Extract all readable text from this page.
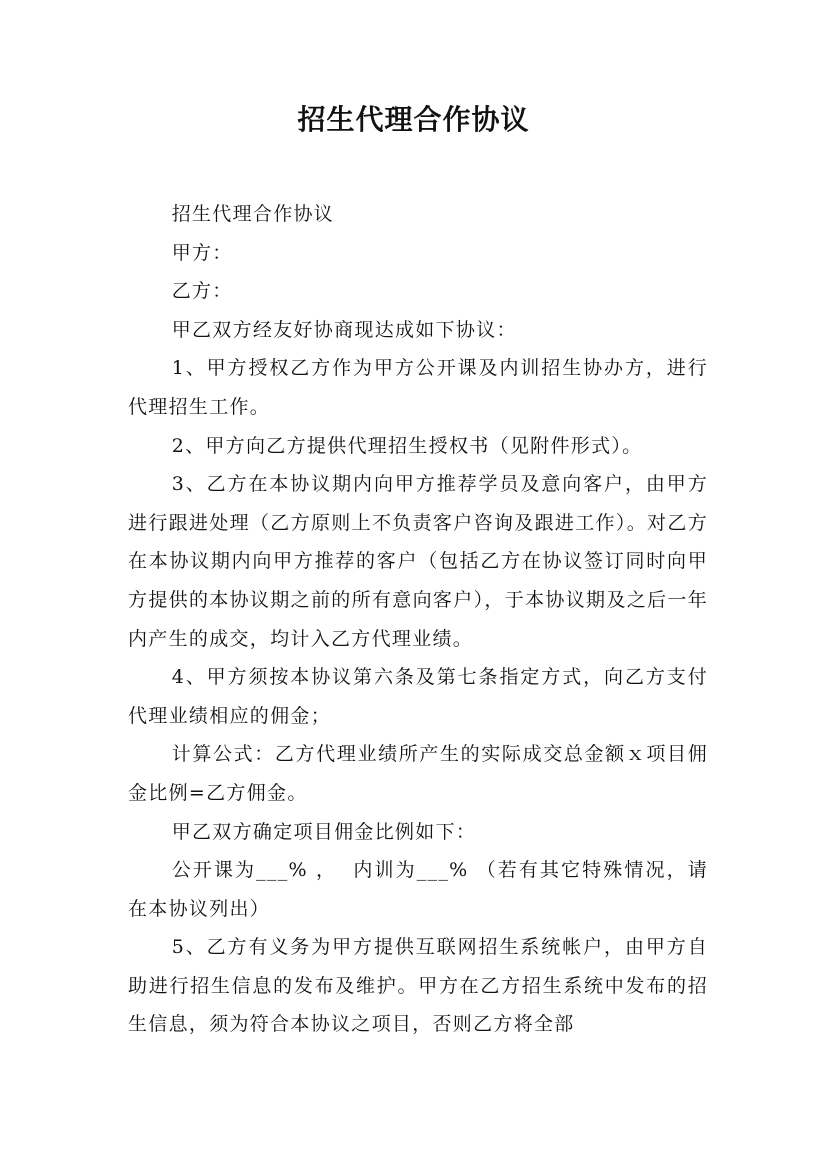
招生代理合作协议

招生代理合作协议

甲方：

乙方：

甲乙双方经友好协商现达成如下协议：

1、甲方授权乙方作为甲方公开课及内训招生协办方，进行代理招生工作。

2、甲方向乙方提供代理招生授权书（见附件形式）。

3、乙方在本协议期内向甲方推荐学员及意向客户，由甲方进行跟进处理（乙方原则上不负责客户咨询及跟进工作）。对乙方在本协议期内向甲方推荐的客户（包括乙方在协议签订同时向甲方提供的本协议期之前的所有意向客户），于本协议期及之后一年内产生的成交，均计入乙方代理业绩。

4、甲方须按本协议第六条及第七条指定方式，向乙方支付代理业绩相应的佣金；

计算公式：乙方代理业绩所产生的实际成交总金额ｘ项目佣金比例=乙方佣金。

甲乙双方确定项目佣金比例如下：

公开课为___% ，  内训为___% （若有其它特殊情况，请在本协议列出）

5、乙方有义务为甲方提供互联网招生系统帐户，由甲方自助进行招生信息的发布及维护。甲方在乙方招生系统中发布的招生信息，须为符合本协议之项目，否则乙方将全部
